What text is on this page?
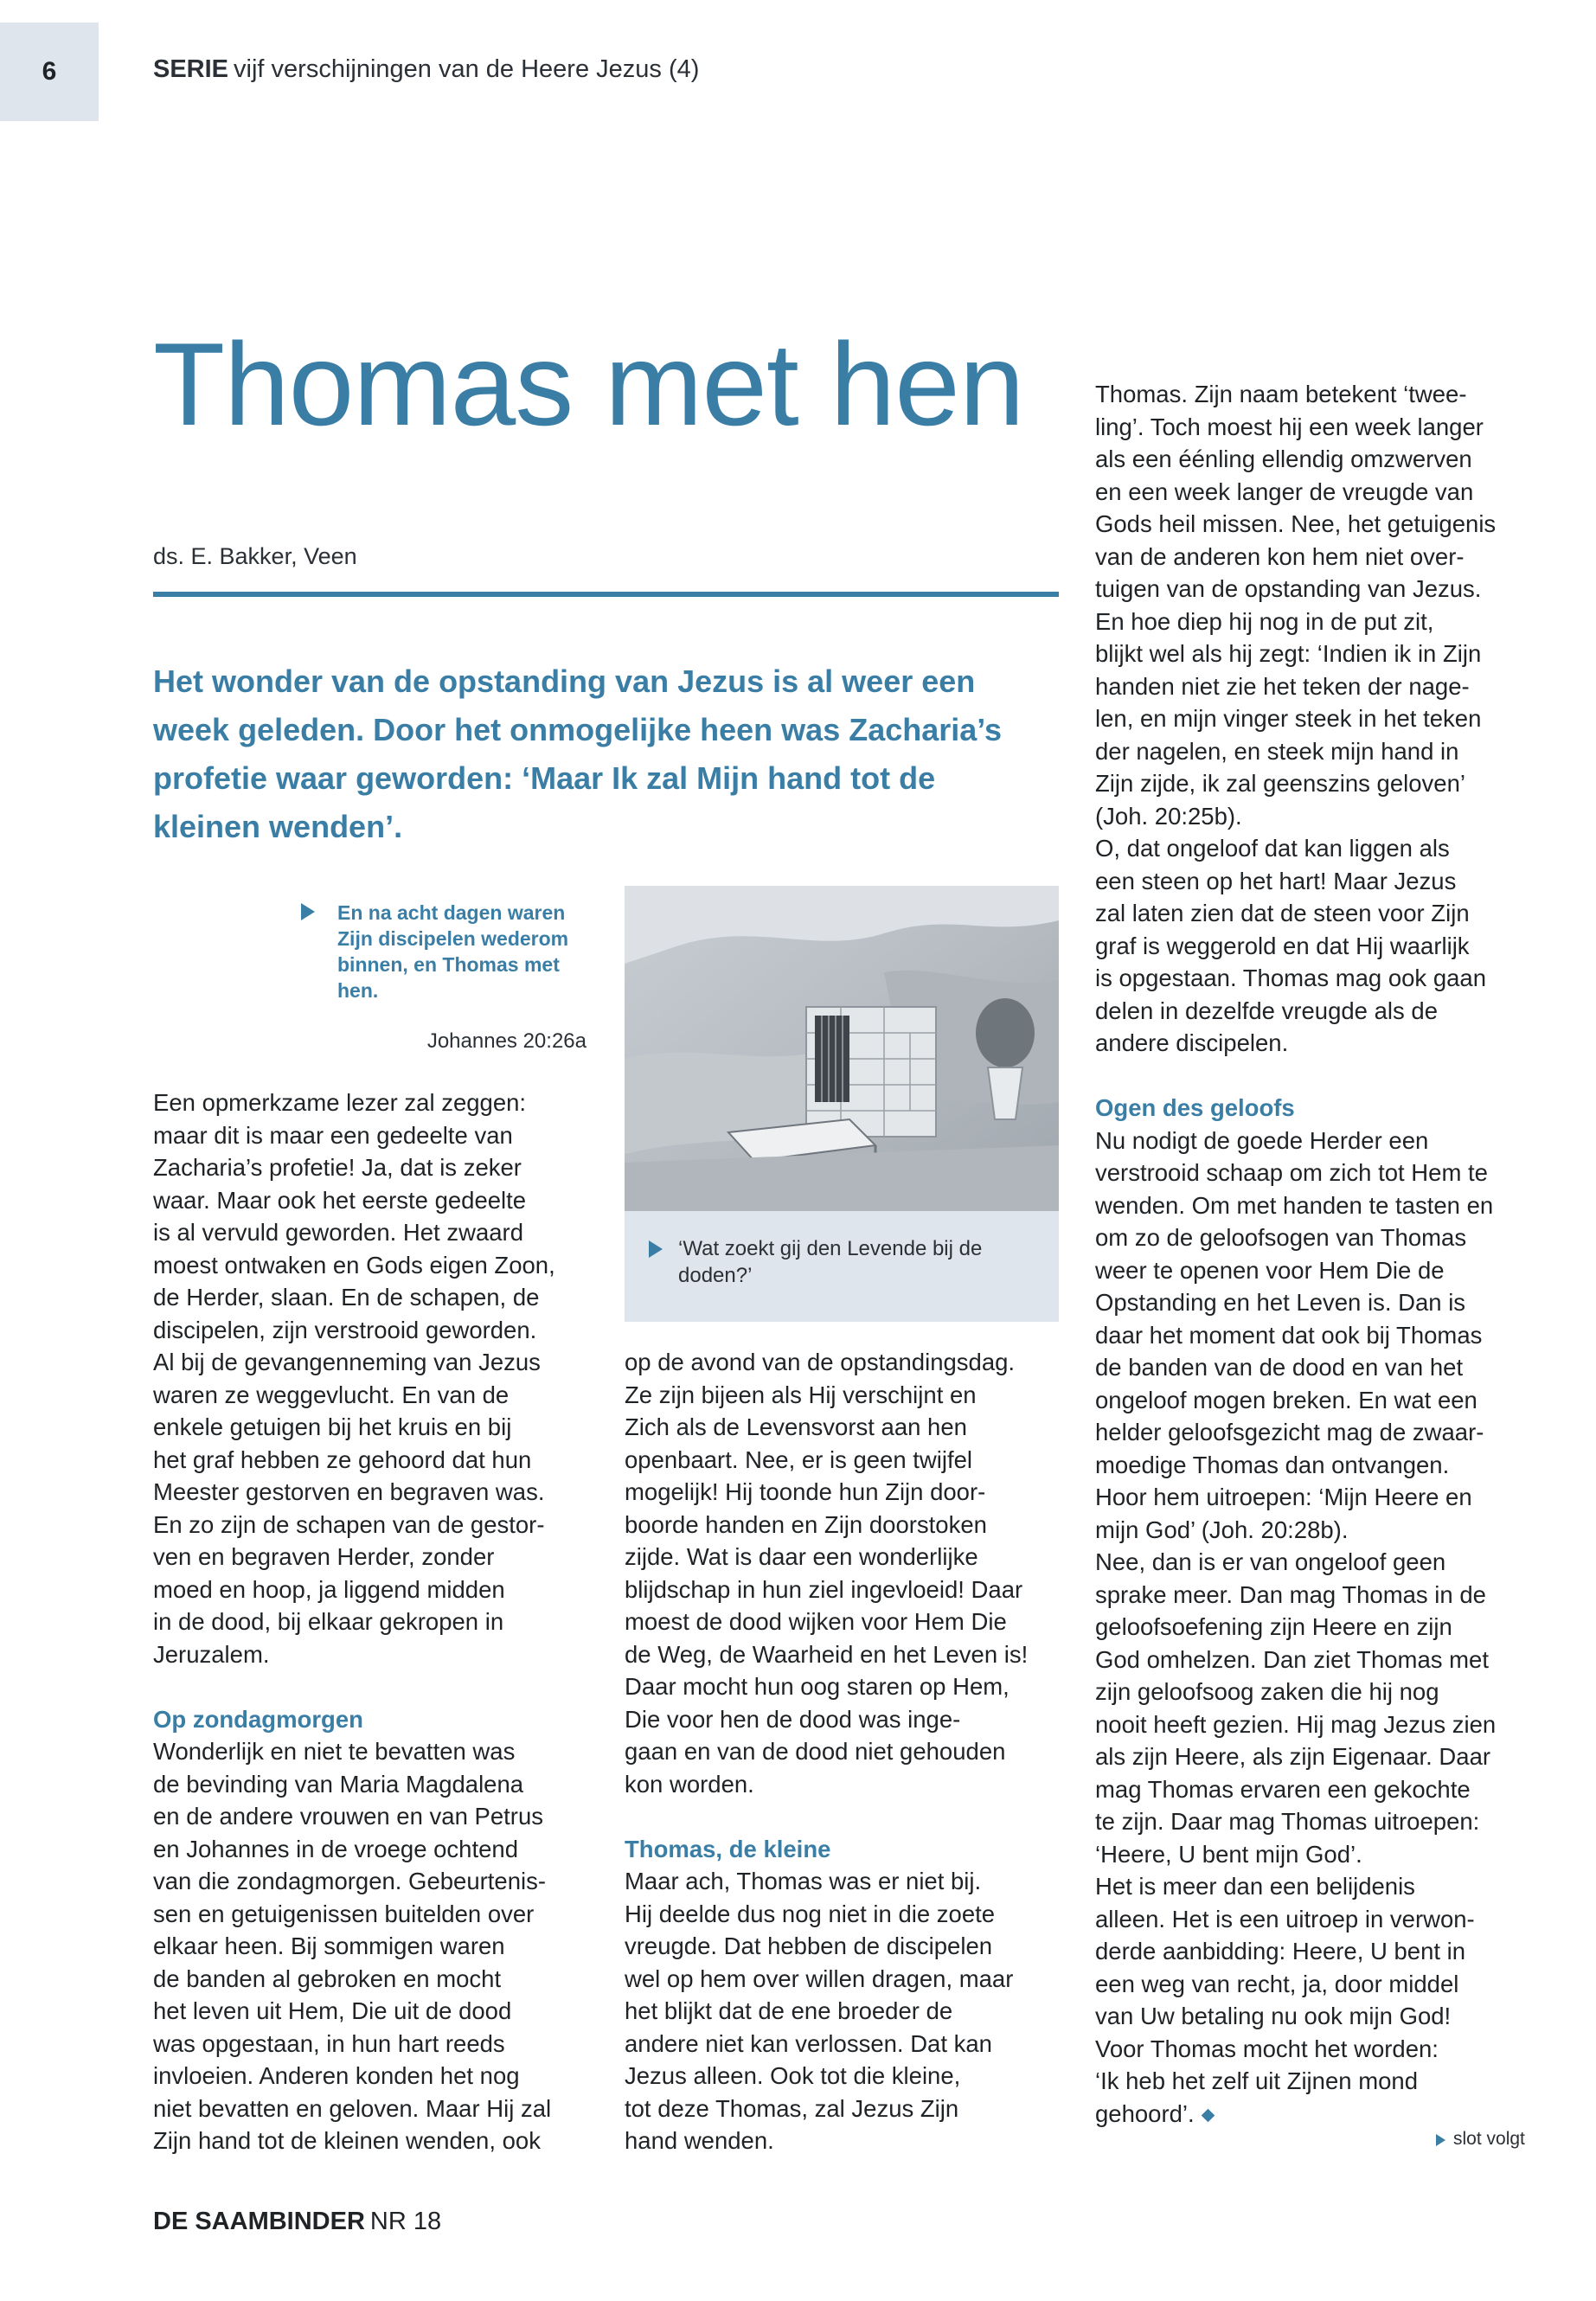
6	SERIE vijf verschijningen van de Heere Jezus (4)
Thomas met hen
ds. E. Bakker, Veen
Het wonder van de opstanding van Jezus is al weer een week geleden. Door het onmogelijke heen was Zacharia’s profetie waar geworden: ‘Maar Ik zal Mijn hand tot de kleinen wenden’.
En na acht dagen waren Zijn discipelen wederom binnen, en Thomas met hen.
Johannes 20:26a
‘Wat zoekt gij den Levende bij de doden?’
Een opmerkzame lezer zal zeggen:
maar dit is maar een gedeelte van
Zacharia’s profetie! Ja, dat is zeker
waar. Maar ook het eerste gedeelte
is al vervuld geworden. Het zwaard
moest ontwaken en Gods eigen Zoon,
de Herder, slaan. En de schapen, de
discipelen, zijn verstrooid geworden.
Al bij de gevangenneming van Jezus
waren ze weggevlucht. En van de
enkele getuigen bij het kruis en bij
het graf hebben ze gehoord dat hun
Meester gestorven en begraven was.
En zo zijn de schapen van de gestor-
ven en begraven Herder, zonder
moed en hoop, ja liggend midden
in de dood, bij elkaar gekropen in
Jeruzalem.
Op zondagmorgen
Wonderlijk en niet te bevatten was
de bevinding van Maria Magdalena
en de andere vrouwen en van Petrus
en Johannes in de vroege ochtend
van die zondagmorgen. Gebeurtenis-
sen en getuigenissen buitelden over
elkaar heen. Bij sommigen waren
de banden al gebroken en mocht
het leven uit Hem, Die uit de dood
was opgestaan, in hun hart reeds
invloeien. Anderen konden het nog
niet bevatten en geloven. Maar Hij zal
Zijn hand tot de kleinen wenden, ook
op de avond van de opstandingsdag.
Ze zijn bijeen als Hij verschijnt en
Zich als de Levensvorst aan hen
openbaart. Nee, er is geen twijfel
mogelijk! Hij toonde hun Zijn door-
boorde handen en Zijn doorstoken
zijde. Wat is daar een wonderlijke
blijdschap in hun ziel ingevloeid! Daar
moest de dood wijken voor Hem Die
de Weg, de Waarheid en het Leven is!
Daar mocht hun oog staren op Hem,
Die voor hen de dood was inge-
gaan en van de dood niet gehouden
kon worden.
Thomas, de kleine
Maar ach, Thomas was er niet bij.
Hij deelde dus nog niet in die zoete
vreugde. Dat hebben de discipelen
wel op hem over willen dragen, maar
het blijkt dat de ene broeder de
andere niet kan verlossen. Dat kan
Jezus alleen. Ook tot die kleine,
tot deze Thomas, zal Jezus Zijn
hand wenden.
Thomas. Zijn naam betekent ‘twee-
ling’. Toch moest hij een week langer
als een éénling ellendig omzwerven
en een week langer de vreugde van
Gods heil missen. Nee, het getuigenis
van de anderen kon hem niet over-
tuigen van de opstanding van Jezus.
En hoe diep hij nog in de put zit,
blijkt wel als hij zegt: ‘Indien ik in Zijn
handen niet zie het teken der nage-
len, en mijn vinger steek in het teken
der nagelen, en steek mijn hand in
Zijn zijde, ik zal geenszins geloven’
(Joh. 20:25b).
O, dat ongeloof dat kan liggen als
een steen op het hart! Maar Jezus
zal laten zien dat de steen voor Zijn
graf is weggerold en dat Hij waarlijk
is opgestaan. Thomas mag ook gaan
delen in dezelfde vreugde als de
andere discipelen.
Ogen des geloofs
Nu nodigt de goede Herder een
verstrooid schaap om zich tot Hem te
wenden. Om met handen te tasten en
om zo de geloofsogen van Thomas
weer te openen voor Hem Die de
Opstanding en het Leven is. Dan is
daar het moment dat ook bij Thomas
de banden van de dood en van het
ongeloof mogen breken. En wat een
helder geloofsgezicht mag de zwaar-
moedige Thomas dan ontvangen.
Hoor hem uitroepen: ‘Mijn Heere en
mijn God’ (Joh. 20:28b).
Nee, dan is er van ongeloof geen
sprake meer. Dan mag Thomas in de
geloofsoefening zijn Heere en zijn
God omhelzen. Dan ziet Thomas met
zijn geloofsoog zaken die hij nog
nooit heeft gezien. Hij mag Jezus zien
als zijn Heere, als zijn Eigenaar. Daar
mag Thomas ervaren een gekochte
te zijn. Daar mag Thomas uitroepen:
‘Heere, U bent mijn God’.
Het is meer dan een belijdenis
alleen. Het is een uitroep in verwon-
derde aanbidding: Heere, U bent in
een weg van recht, ja, door middel
van Uw betaling nu ook mijn God!
Voor Thomas mocht het worden:
‘Ik heb het zelf uit Zijnen mond
gehoord’.
slot volgt
DE SAAMBINDER NR 18
